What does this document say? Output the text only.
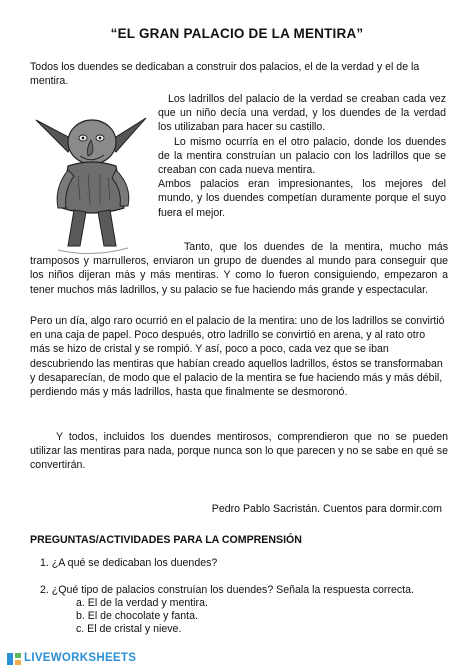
“EL GRAN PALACIO DE LA MENTIRA”

Todos los duendes se dedicaban a construir dos palacios, el de la verdad y el de la mentira.

Los ladrillos del palacio de la verdad se creaban cada vez que un niño decía una verdad, y los duendes de la verdad los utilizaban para hacer su castillo.
Lo mismo ocurría en el otro palacio, donde los duendes de la mentira construían un palacio con los ladrillos que se creaban con cada nueva mentira.
Ambos palacios eran impresionantes, los mejores del mundo, y los duendes competían duramente porque el suyo fuera el mejor.

Tanto, que los duendes de la mentira, mucho más tramposos y marrulleros, enviaron un grupo de duendes al mundo para conseguir que los niños dijeran más y más mentiras. Y como lo fueron consiguiendo, empezaron a tener muchos más ladrillos, y su palacio se fue haciendo más grande y espectacular.

Pero un día, algo raro ocurrió en el palacio de la mentira: uno de los ladrillos se convirtió en una caja de papel. Poco después, otro ladrillo se convirtió en arena, y al rato otro más se hizo de cristal y se rompió. Y así, poco a poco, cada vez que se iban descubriendo las mentiras que habían creado aquellos ladrillos, éstos se transformaban y desaparecían, de modo que el palacio de la mentira se fue haciendo más y más débil, perdiendo más y más ladrillos, hasta que finalmente se desmoronó.

Y todos, incluidos los duendes mentirosos, comprendieron que no se pueden utilizar las mentiras para nada, porque nunca son lo que parecen y no se sabe en qué se convertirán.

Pedro Pablo Sacristán. Cuentos para dormir.com
PREGUNTAS/ACTIVIDADES PARA LA COMPRENSIÓN
1. ¿A qué se dedicaban los duendes?
2. ¿Qué tipo de palacios construían los duendes? Señala la respuesta correcta.
a. El de la verdad y mentira.
b. El de chocolate y fanta.
c. El de cristal y nieve.
LIVEWORKSHEETS
